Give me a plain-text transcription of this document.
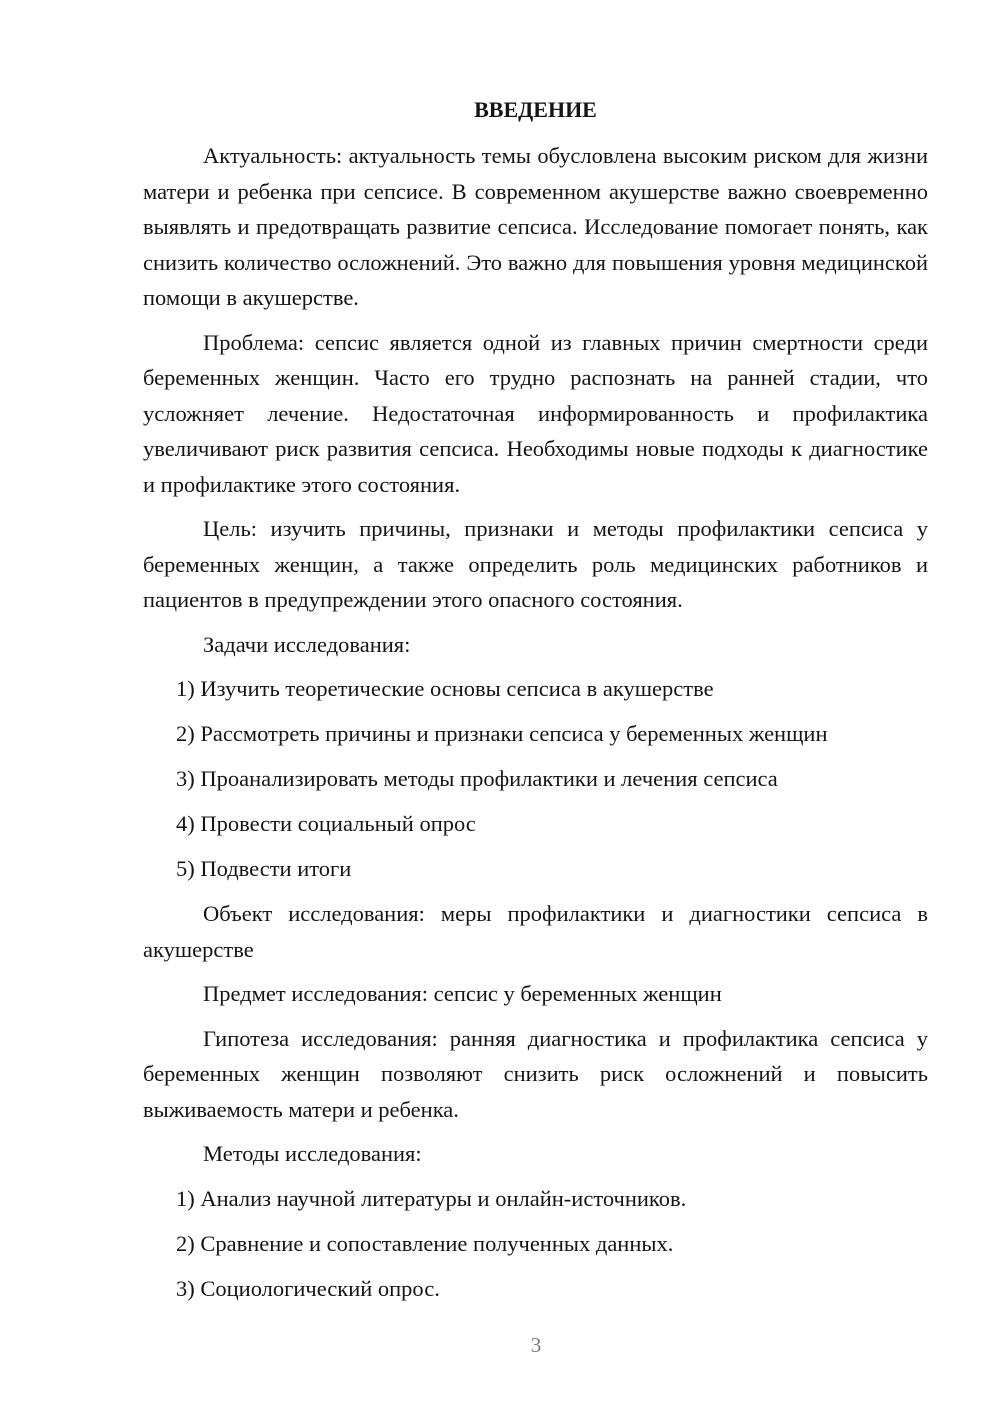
ВВЕДЕНИЕ

Актуальность: актуальность темы обусловлена высоким риском для жизни матери и ребенка при сепсисе. В современном акушерстве важно своевременно выявлять и предотвращать развитие сепсиса. Исследование помогает понять, как снизить количество осложнений. Это важно для повышения уровня медицинской помощи в акушерстве.

Проблема: сепсис является одной из главных причин смертности среди беременных женщин. Часто его трудно распознать на ранней стадии, что усложняет лечение. Недостаточная информированность и профилактика увеличивают риск развития сепсиса. Необходимы новые подходы к диагностике и профилактике этого состояния.

Цель: изучить причины, признаки и методы профилактики сепсиса у беременных женщин, а также определить роль медицинских работников и пациентов в предупреждении этого опасного состояния.

Задачи исследования:

1) Изучить теоретические основы сепсиса в акушерстве
2) Рассмотреть причины и признаки сепсиса у беременных женщин
3) Проанализировать методы профилактики и лечения сепсиса
4) Провести социальный опрос
5) Подвести итоги

Объект исследования: меры профилактики и диагностики сепсиса в акушерстве

Предмет исследования: сепсис у беременных женщин

Гипотеза исследования: ранняя диагностика и профилактика сепсиса у беременных женщин позволяют снизить риск осложнений и повысить выживаемость матери и ребенка.

Методы исследования:

1) Анализ научной литературы и онлайн-источников.
2) Сравнение и сопоставление полученных данных.
3) Социологический опрос.
3
